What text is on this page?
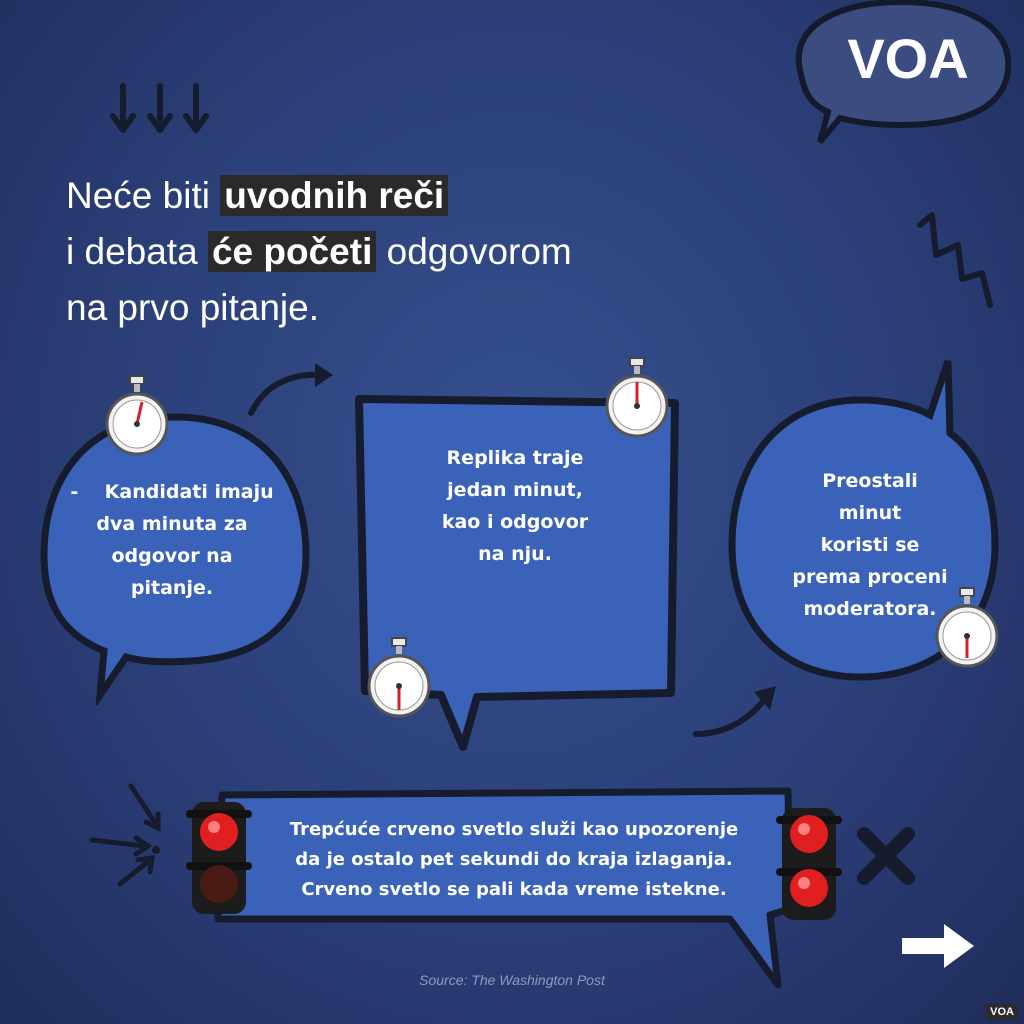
VOA
Neće biti uvodnih reči
i debata će početi odgovorom
na prvo pitanje.
-    Kandidati imaju
dva minuta za
odgovor na
pitanje.
Replika traje
jedan minut,
kao i odgovor
na nju.
Preostali
minut
koristi se
prema proceni
moderatora.
Trepćuće crveno svetlo služi kao upozorenje
da je ostalo pet sekundi do kraja izlaganja.
Crveno svetlo se pali kada vreme istekne.
Source: The Washington Post
VOA
